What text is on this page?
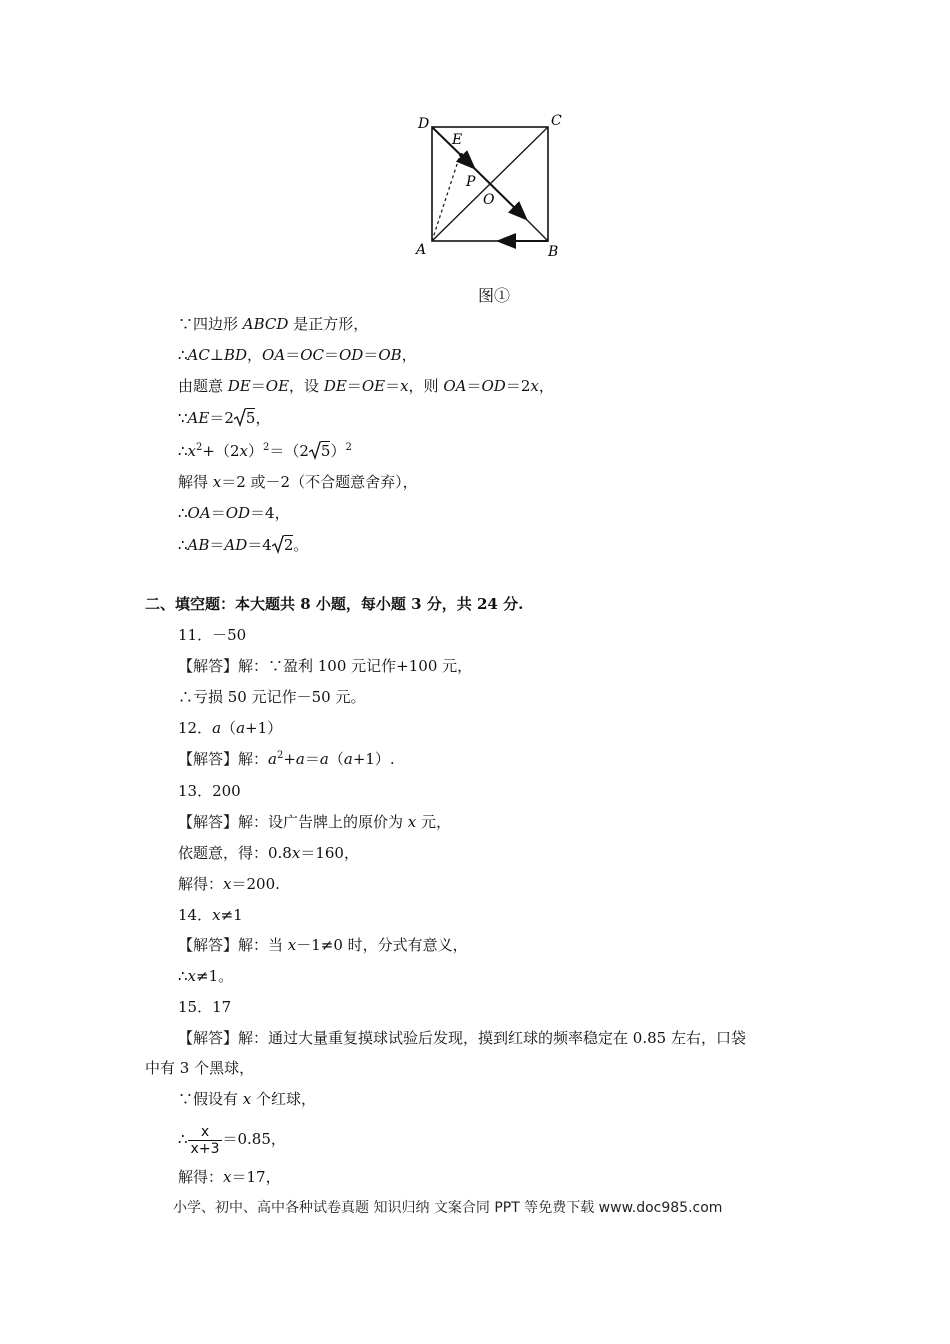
D	C
A	B
E
P
O
图①
∵四边形 ABCD 是正方形，
∴AC⊥BD，OA＝OC＝OD＝OB，
由题意 DE＝OE，设 DE＝OE＝x，则 OA＝OD＝2x，
∵AE＝2 5，
$\therefore x^2+(2x)^2=(2$ 5）$^2$
解得 x＝2 或－2（不合题意舍弃），
∴OA＝OD＝4，
∴AB＝AD＝4 2。
二、填空题：本大题共 8 小题，每小题 3 分，共 24 分.
11．－50
【解答】解：∵盈利 100 元记作+100 元，
∴亏损 50 元记作－50 元。
12．a（a+1）
【解答】解：$a^2+a=a(a+1)$.
13．200
【解答】解：设广告牌上的原价为 x 元，
依题意，得：0.8x＝160，
解得：x＝200.
14．x≠1
【解答】解：当 x－1≠0 时，分式有意义，
∴x≠1。
15．17
【解答】解：通过大量重复摸球试验后发现，摸到红球的频率稳定在 0.85 左右，口袋
中有 3 个黑球，
∵假设有 x 个红球，
∴ $\frac{x}{x+3} =0.85$，
解得：x＝17，
小学、初中、高中各种试卷真题 知识归纳 文案合同 PPT 等免费下载 www.doc985.com
